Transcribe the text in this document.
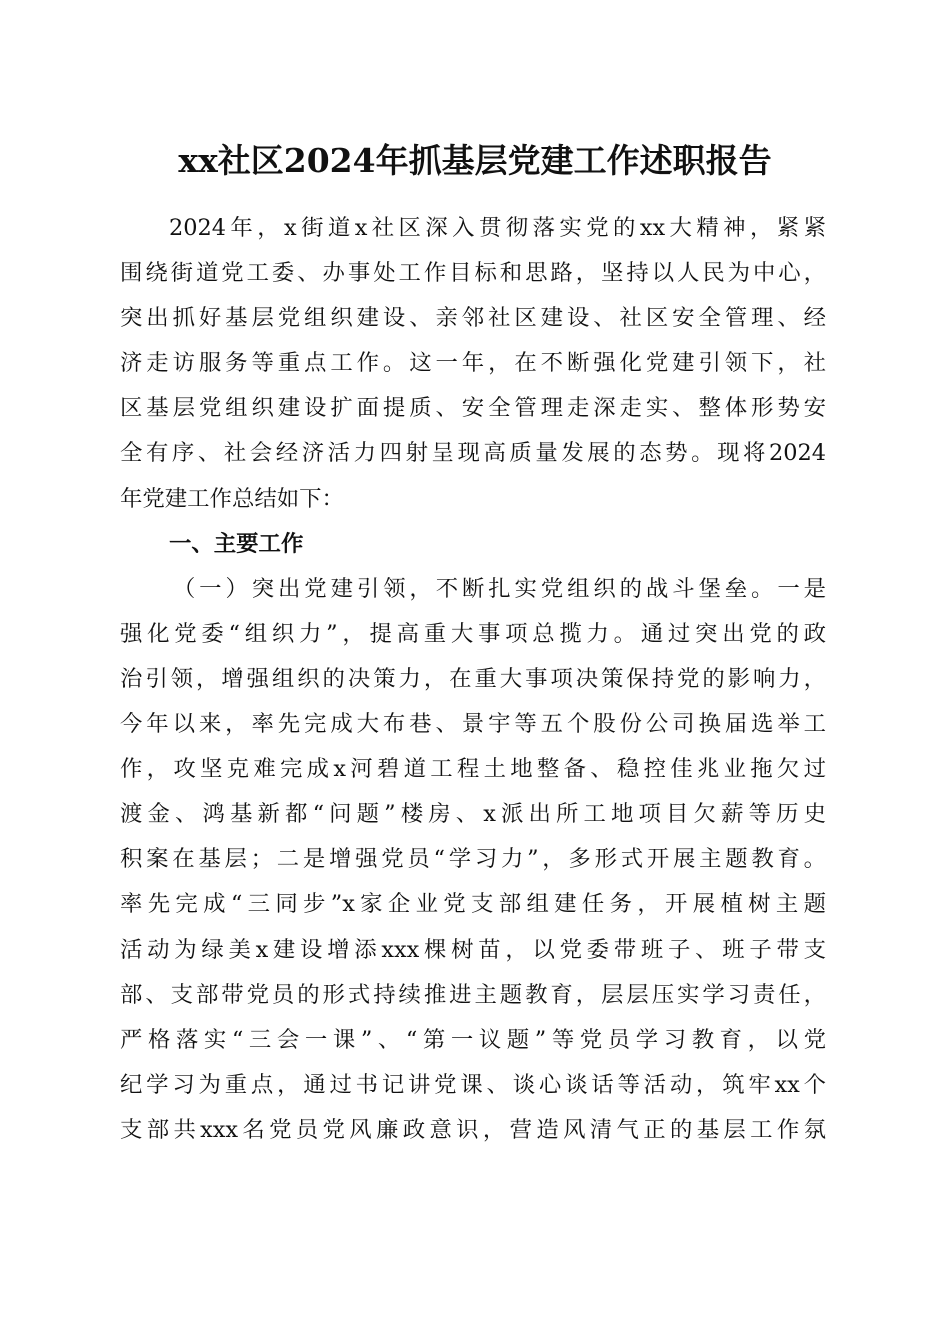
xx社区2024年抓基层党建工作述职报告

2024年，x街道x社区深入贯彻落实党的xx大精神，紧紧

围绕街道党工委、办事处工作目标和思路，坚持以人民为中心，

突出抓好基层党组织建设、亲邻社区建设、社区安全管理、经

济走访服务等重点工作。这一年，在不断强化党建引领下，社

区基层党组织建设扩面提质、安全管理走深走实、整体形势安

全有序、社会经济活力四射呈现高质量发展的态势。现将2024

年党建工作总结如下：

一、主要工作

（一）突出党建引领，不断扎实党组织的战斗堡垒。一是

强化党委“组织力”，提高重大事项总揽力。通过突出党的政

治引领，增强组织的决策力，在重大事项决策保持党的影响力，

今年以来，率先完成大布巷、景宇等五个股份公司换届选举工

作，攻坚克难完成x河碧道工程土地整备、稳控佳兆业拖欠过

渡金、鸿基新都“问题”楼房、x派出所工地项目欠薪等历史

积案在基层；二是增强党员“学习力”，多形式开展主题教育。

率先完成“三同步”x家企业党支部组建任务，开展植树主题

活动为绿美x建设增添xxx棵树苗，以党委带班子、班子带支

部、支部带党员的形式持续推进主题教育，层层压实学习责任，

严格落实“三会一课”、“第一议题”等党员学习教育，以党

纪学习为重点，通过书记讲党课、谈心谈话等活动，筑牢xx个

支部共xxx名党员党风廉政意识，营造风清气正的基层工作氛
